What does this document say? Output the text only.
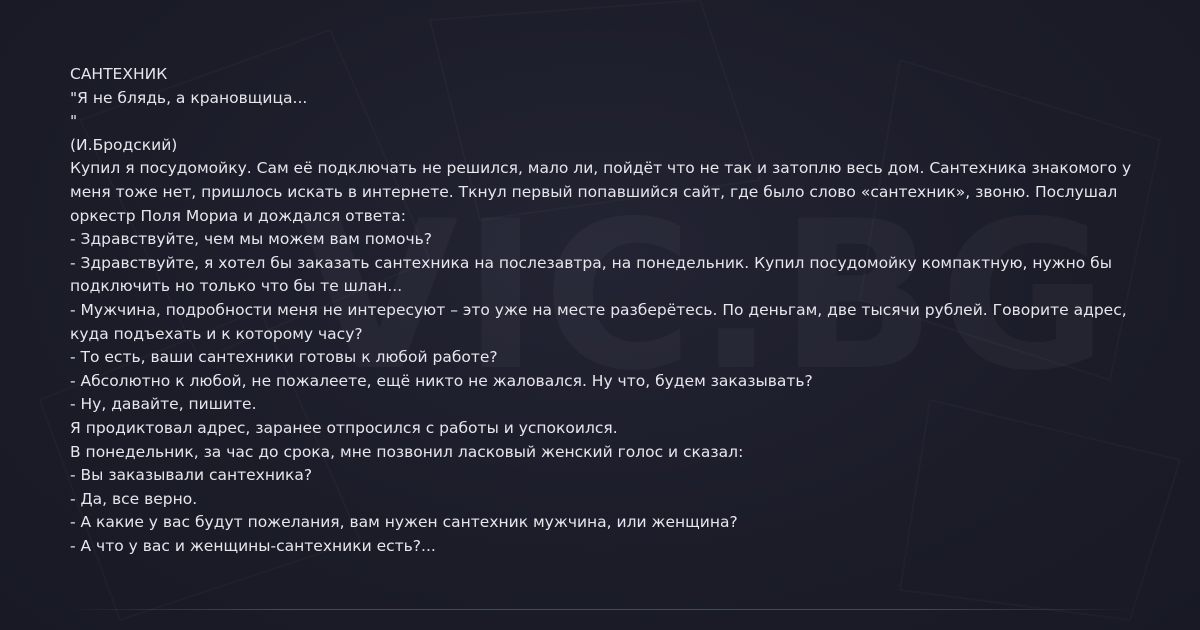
САНТЕХНИК

"Я не блядь, а крановщица...

"

(И.Бродский)

Купил я посудомойку. Сам её подключать не решился, мало ли, пойдёт что не так и затоплю весь дом. Сантехника знакомого у меня тоже нет, пришлось искать в интернете. Ткнул первый попавшийся сайт, где было слово «сантехник», звоню. Послушал оркестр Поля Мориа и дождался ответа:

- Здравствуйте, чем мы можем вам помочь?

- Здравствуйте, я хотел бы заказать сантехника на послезавтра, на понедельник. Купил посудомойку компактную, нужно бы подключить но только что бы те шлан...

- Мужчина, подробности меня не интересуют – это уже на месте разберётесь. По деньгам, две тысячи рублей. Говорите адрес, куда подъехать и к которому часу?

- То есть, ваши сантехники готовы к любой работе?

- Абсолютно к любой, не пожалеете, ещё никто не жаловался. Ну что, будем заказывать?

- Ну, давайте, пишите.

Я продиктовал адрес, заранее отпросился с работы и успокоился.

В понедельник, за час до срока, мне позвонил ласковый женский голос и сказал:

- Вы заказывали сантехника?

- Да, все верно.

- А какие у вас будут пожелания, вам нужен сантехник мужчина, или женщина?

- А что у вас и женщины-сантехники есть?...
